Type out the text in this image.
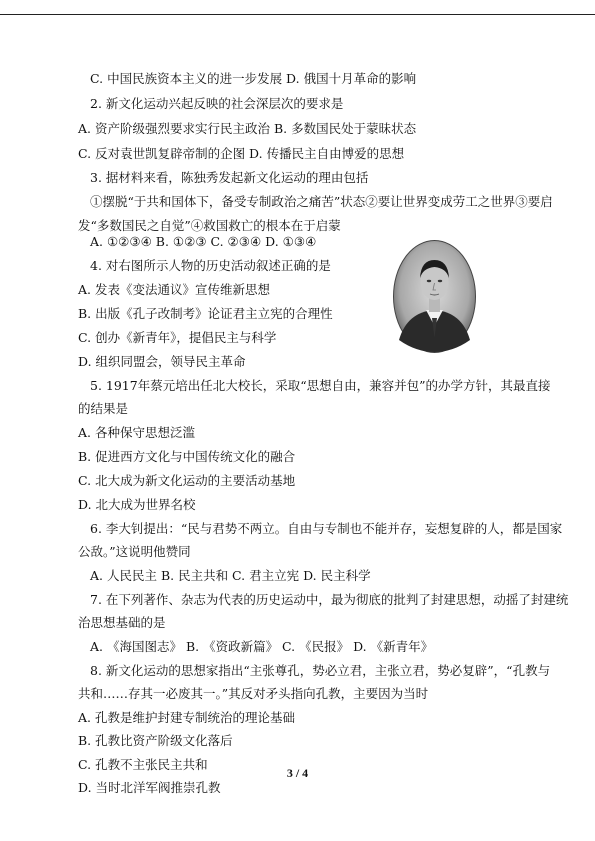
C. 中国民族资本主义的进一步发展 D. 俄国十月革命的影响
2. 新文化运动兴起反映的社会深层次的要求是
A. 资产阶级强烈要求实行民主政治 B. 多数国民处于蒙昧状态
C. 反对袁世凯复辟帝制的企图 D. 传播民主自由博爱的思想
3. 据材料来看，陈独秀发起新文化运动的理由包括
①摆脱“于共和国体下，备受专制政治之痛苦”状态②要让世界变成劳工之世界③要启
发“多数国民之自觉”④救国救亡的根本在于启蒙
A. ①②③④ B. ①②③ C. ②③④ D. ①③④
4. 对右图所示人物的历史活动叙述正确的是
A. 发表《变法通议》宣传维新思想
B. 出版《孔子改制考》论证君主立宪的合理性
C. 创办《新青年》，提倡民主与科学
D. 组织同盟会，领导民主革命
5. 1917年蔡元培出任北大校长，采取“思想自由，兼容并包”的办学方针，其最直接
的结果是
A. 各种保守思想泛滥
B. 促进西方文化与中国传统文化的融合
C. 北大成为新文化运动的主要活动基地
D. 北大成为世界名校
6. 李大钊提出：“民与君势不两立。自由与专制也不能并存，妄想复辟的人，都是国家
公敌。”这说明他赞同
A. 人民民主 B. 民主共和 C. 君主立宪 D. 民主科学
7. 在下列著作、杂志为代表的历史运动中，最为彻底的批判了封建思想，动摇了封建统
治思想基础的是
A. 《海国图志》 B. 《资政新篇》 C. 《民报》 D. 《新青年》
8. 新文化运动的思想家指出“主张尊孔，势必立君，主张立君，势必复辟”，“孔教与
共和……存其一必废其一。”其反对矛头指向孔教，主要因为当时
A. 孔教是维护封建专制统治的理论基础
B. 孔教比资产阶级文化落后
C. 孔教不主张民主共和
D. 当时北洋军阀推崇孔教
3 / 4
